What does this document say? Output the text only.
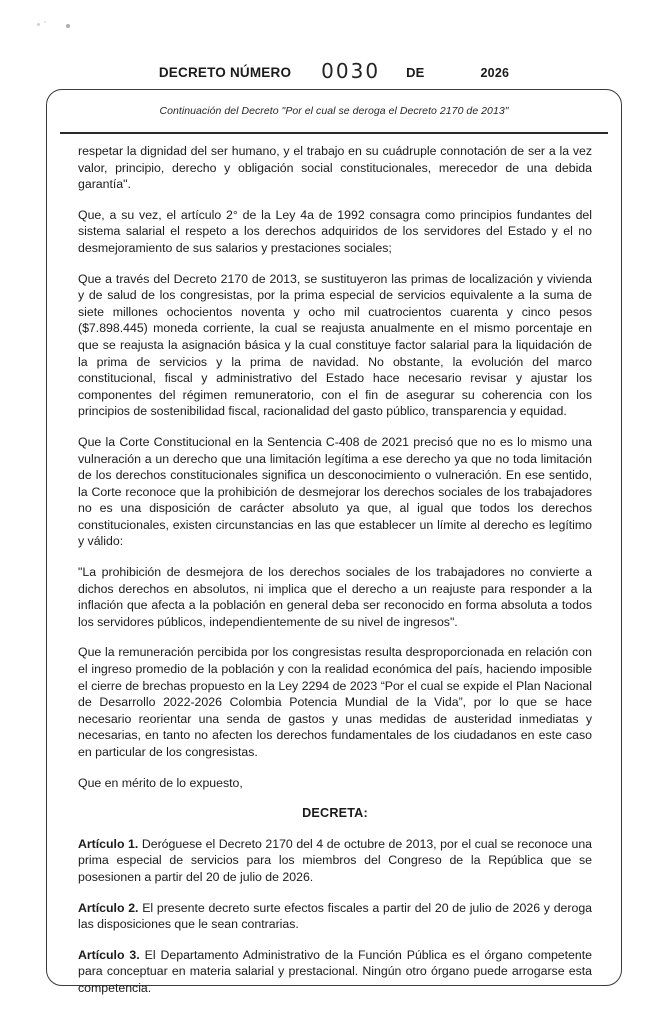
DECRETO NÚMERO 0030 DE	2026
Continuación del Decreto "Por el cual se deroga el Decreto 2170 de 2013"

respetar la dignidad del ser humano, y el trabajo en su cuádruple connotación de ser a la vez valor, principio, derecho y obligación social constitucionales, merecedor de una debida garantía".

Que, a su vez, el artículo 2° de la Ley 4a de 1992 consagra como principios fundantes del sistema salarial el respeto a los derechos adquiridos de los servidores del Estado y el no desmejoramiento de sus salarios y prestaciones sociales;

Que a través del Decreto 2170 de 2013, se sustituyeron las primas de localización y vivienda y de salud de los congresistas, por la prima especial de servicios equivalente a la suma de siete millones ochocientos noventa y ocho mil cuatrocientos cuarenta y cinco pesos ($7.898.445) moneda corriente, la cual se reajusta anualmente en el mismo porcentaje en que se reajusta la asignación básica y la cual constituye factor salarial para la liquidación de la prima de servicios y la prima de navidad. No obstante, la evolución del marco constitucional, fiscal y administrativo del Estado hace necesario revisar y ajustar los componentes del régimen remuneratorio, con el fin de asegurar su coherencia con los principios de sostenibilidad fiscal, racionalidad del gasto público, transparencia y equidad.

Que la Corte Constitucional en la Sentencia C-408 de 2021 precisó que no es lo mismo una vulneración a un derecho que una limitación legítima a ese derecho ya que no toda limitación de los derechos constitucionales significa un desconocimiento o vulneración. En ese sentido, la Corte reconoce que la prohibición de desmejorar los derechos sociales de los trabajadores no es una disposición de carácter absoluto ya que, al igual que todos los derechos constitucionales, existen circunstancias en las que establecer un límite al derecho es legítimo y válido:

"La prohibición de desmejora de los derechos sociales de los trabajadores no convierte a dichos derechos en absolutos, ni implica que el derecho a un reajuste para responder a la inflación que afecta a la población en general deba ser reconocido en forma absoluta a todos los servidores públicos, independientemente de su nivel de ingresos".

Que la remuneración percibida por los congresistas resulta desproporcionada en relación con el ingreso promedio de la población y con la realidad económica del país, haciendo imposible el cierre de brechas propuesto en la Ley 2294 de 2023 “Por el cual se expide el Plan Nacional de Desarrollo 2022-2026 Colombia Potencia Mundial de la Vida”, por lo que se hace necesario reorientar una senda de gastos y unas medidas de austeridad inmediatas y necesarias, en tanto no afecten los derechos fundamentales de los ciudadanos en este caso en particular de los congresistas.

Que en mérito de lo expuesto,

DECRETA:

Artículo 1. Deróguese el Decreto 2170 del 4 de octubre de 2013, por el cual se reconoce una prima especial de servicios para los miembros del Congreso de la República que se posesionen a partir del 20 de julio de 2026.

Artículo 2. El presente decreto surte efectos fiscales a partir del 20 de julio de 2026 y deroga las disposiciones que le sean contrarias.

Artículo 3. El Departamento Administrativo de la Función Pública es el órgano competente para conceptuar en materia salarial y prestacional. Ningún otro órgano puede arrogarse esta competencia.
